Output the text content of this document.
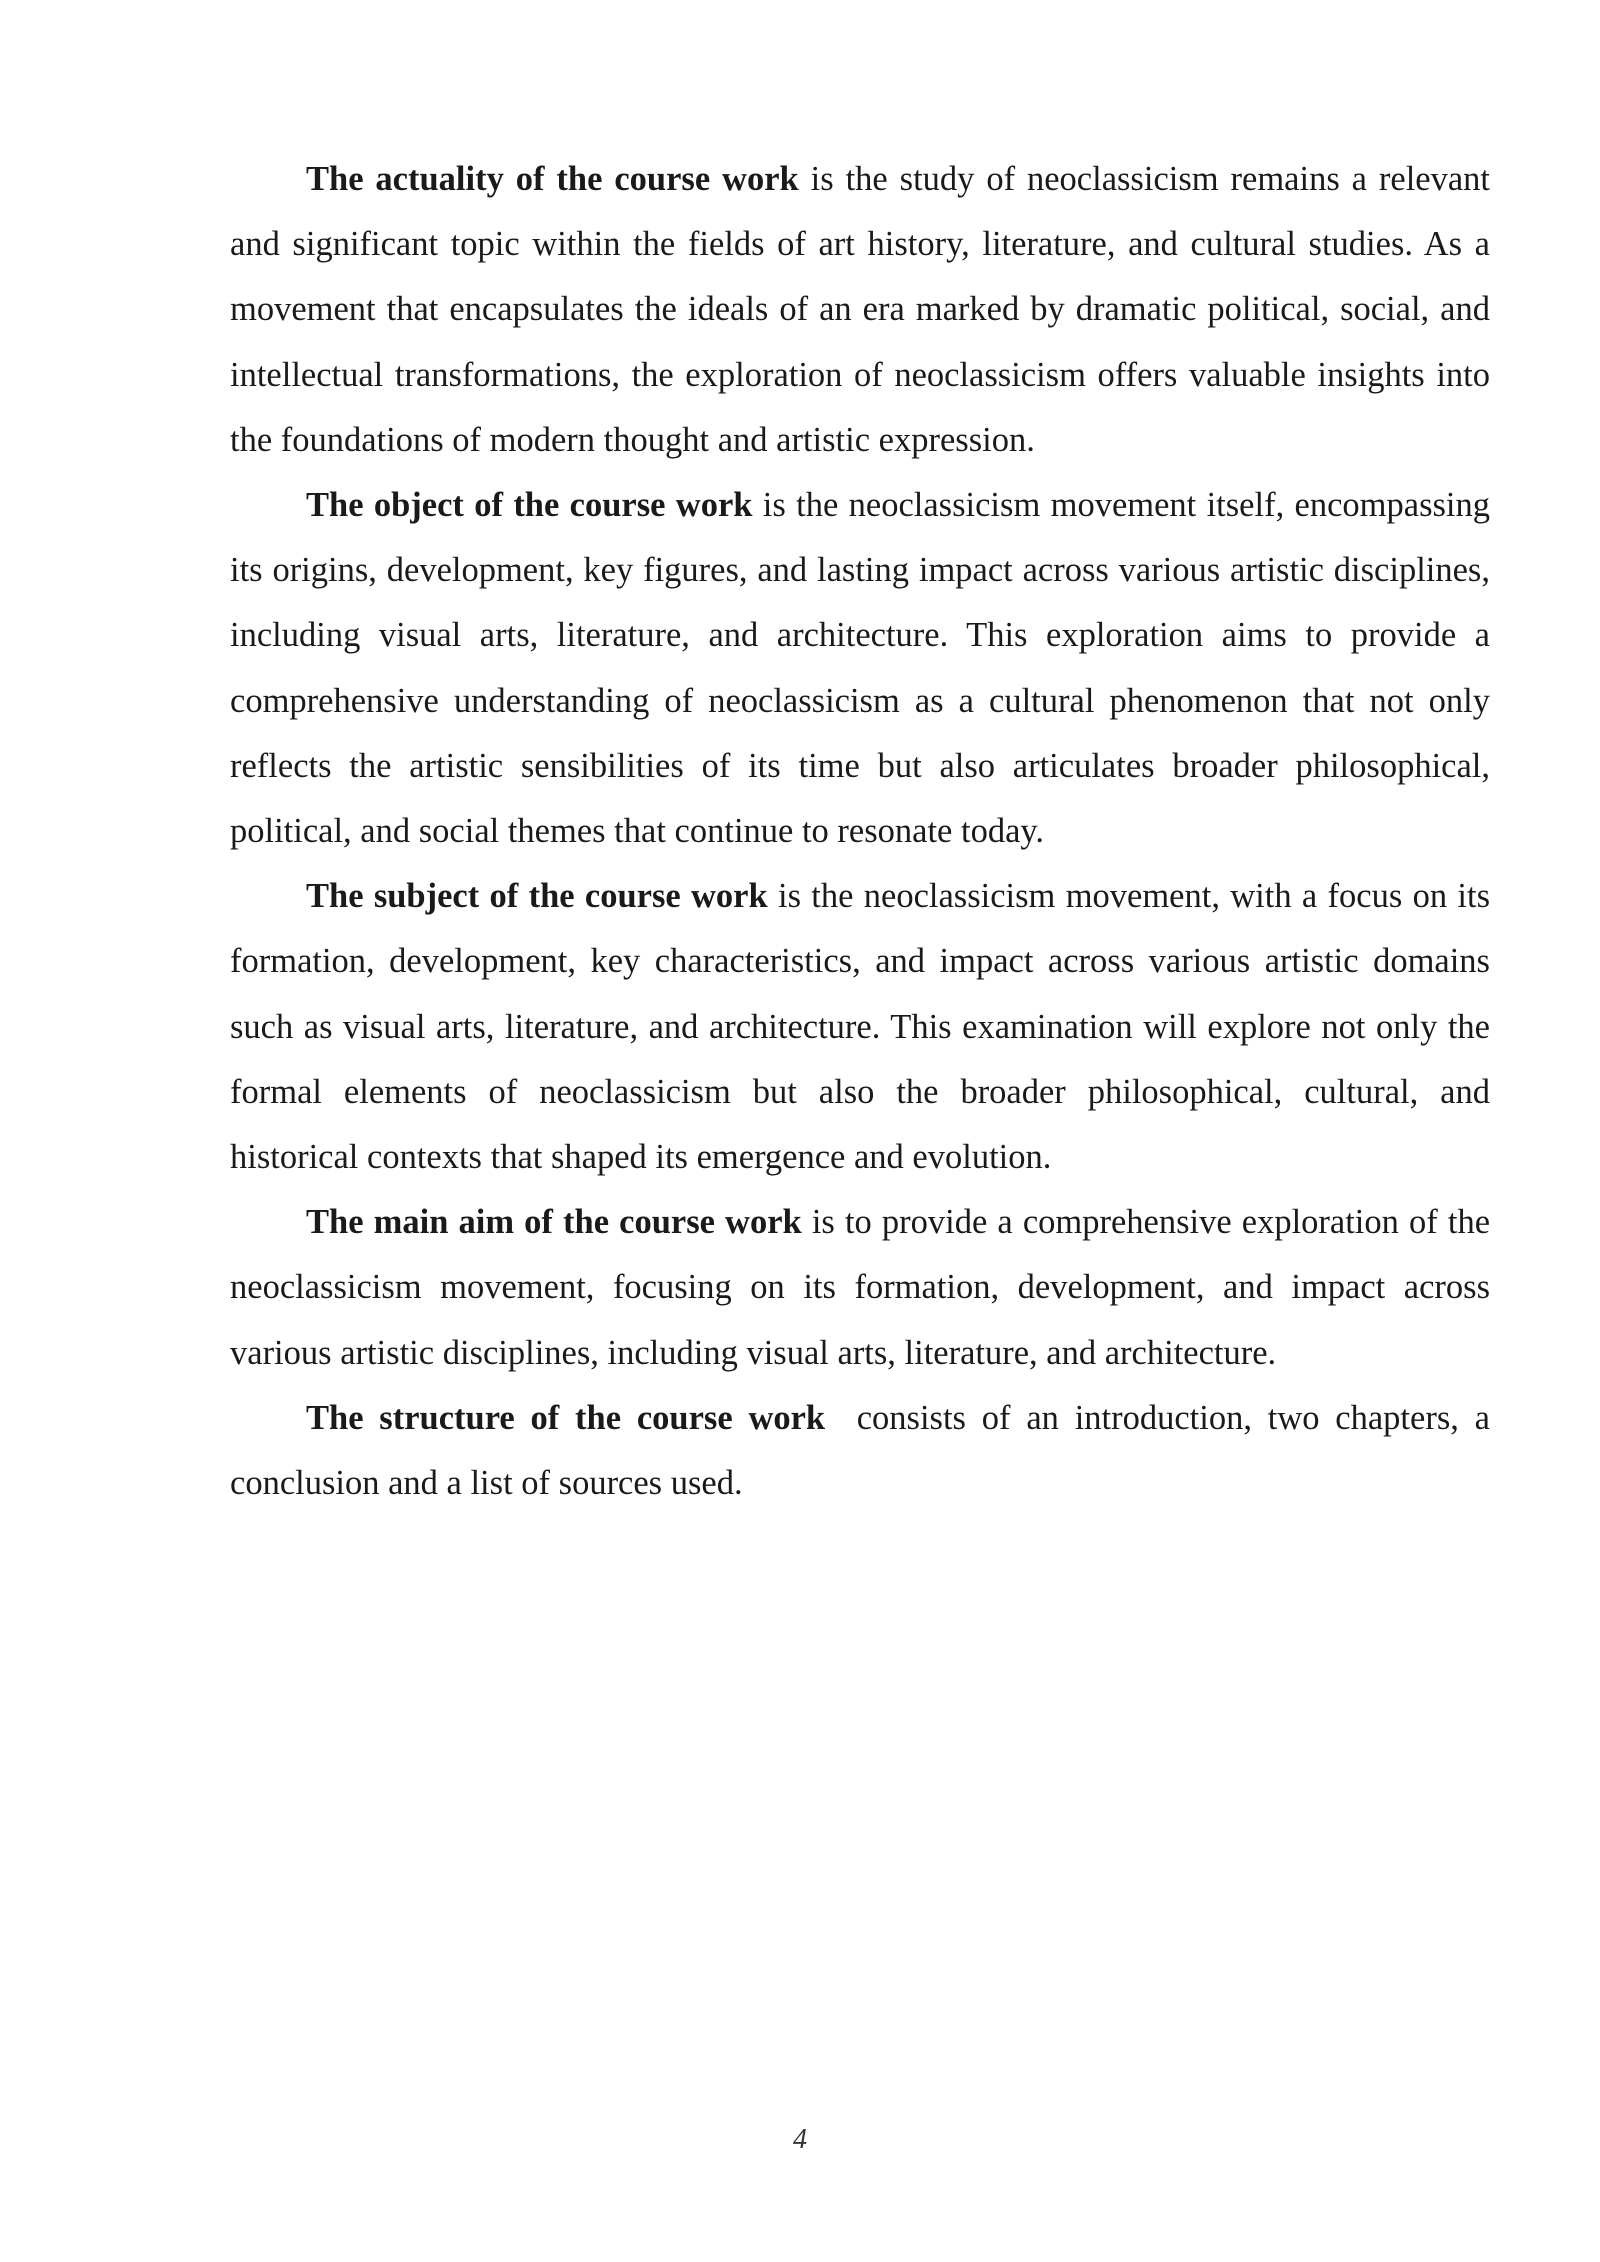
The actuality of the course work is the study of neoclassicism remains a relevant and significant topic within the fields of art history, literature, and cultural studies. As a movement that encapsulates the ideals of an era marked by dramatic political, social, and intellectual transformations, the exploration of neoclassicism offers valuable insights into the foundations of modern thought and artistic expression.

The object of the course work is the neoclassicism movement itself, encompassing its origins, development, key figures, and lasting impact across various artistic disciplines, including visual arts, literature, and architecture. This exploration aims to provide a comprehensive understanding of neoclassicism as a cultural phenomenon that not only reflects the artistic sensibilities of its time but also articulates broader philosophical, political, and social themes that continue to resonate today.

The subject of the course work is the neoclassicism movement, with a focus on its formation, development, key characteristics, and impact across various artistic domains such as visual arts, literature, and architecture. This examination will explore not only the formal elements of neoclassicism but also the broader philosophical, cultural, and historical contexts that shaped its emergence and evolution.

The main aim of the course work is to provide a comprehensive exploration of the neoclassicism movement, focusing on its formation, development, and impact across various artistic disciplines, including visual arts, literature, and architecture.

The structure of the course work  consists of an introduction, two chapters, a conclusion and a list of sources used.

4
